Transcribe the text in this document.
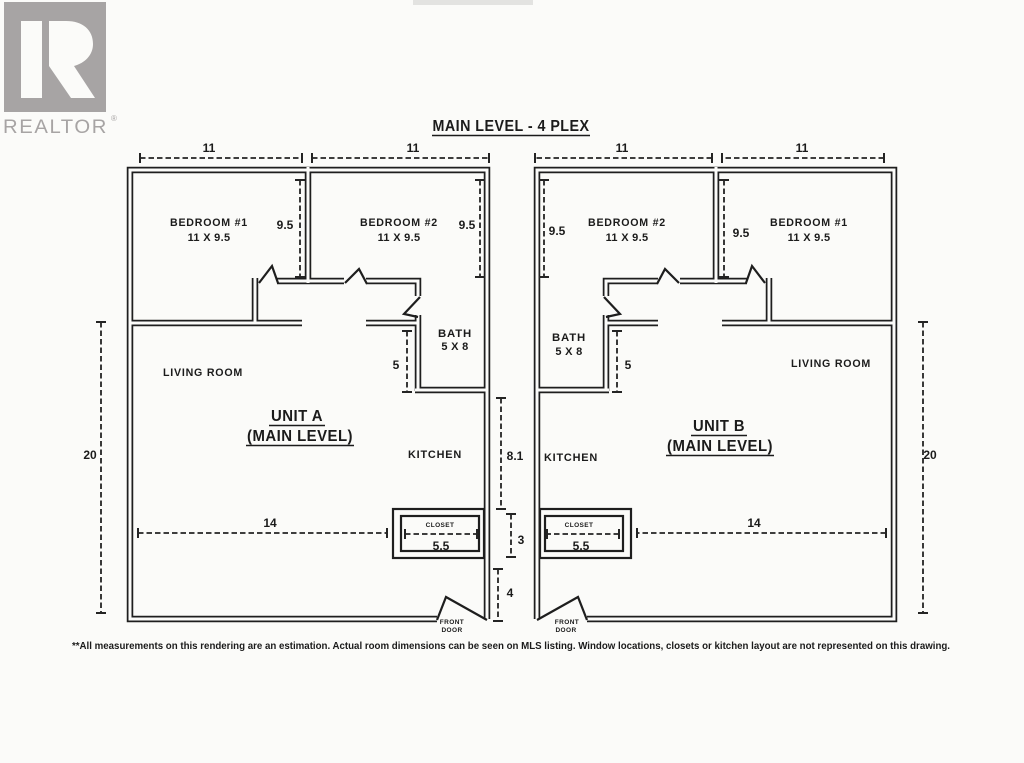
REALTOR ®	MAIN LEVEL - 4 PLEX
8.1
3
4
BEDROOM #1
11 X 9.5
BEDROOM #2
11 X 9.5
BATH
5 X 8
LIVING ROOM
KITCHEN
UNIT A
(MAIN LEVEL)
CLOSET
5.5
FRONT
DOOR
11	11
9.5	9.5
5
14
20
BEDROOM #2
11 X 9.5
BEDROOM #1
11 X 9.5
BATH
5 X 8
LIVING ROOM
KITCHEN
UNIT B
(MAIN LEVEL)
CLOSET
5.5
FRONT
DOOR
11	11
9.5	9.5
5
14
20
**All measurements on this rendering are an estimation. Actual room dimensions can be seen on MLS listing. Window locations, closets or kitchen layout are not represented on this drawing.
